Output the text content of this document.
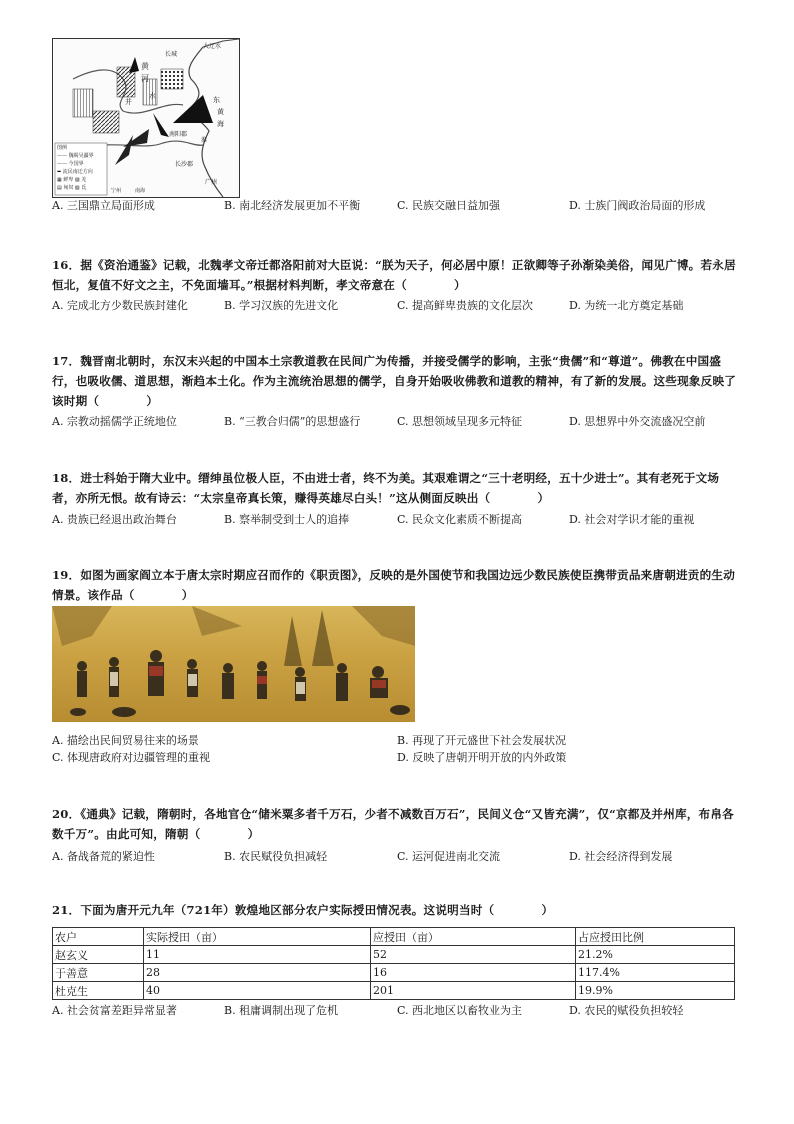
大辽水
长城
黄
河
并
水	东
黄
海
南阳郡
淮
长沙郡
广州
图例
—— 魏蜀吴疆界
—— 今国界
➡ 流民南迁方向
▦ 鲜卑 ▨ 羌
▤ 匈奴 ▧ 氐	宁州	南海
A. 三国鼎立局面形成	B. 南北经济发展更加不平衡	C. 民族交融日益加强	D. 士族门阀政治局面的形成
16．据《资治通鉴》记载，北魏孝文帝迁都洛阳前对大臣说：“朕为天子，何必居中原！正欲卿等子孙渐染美俗，闻见广博。若永居恒北，复值不好文之主，不免面墙耳。”根据材料判断，孝文帝意在（　　　　）
A. 完成北方少数民族封建化	B. 学习汉族的先进文化	C. 提高鲜卑贵族的文化层次	D. 为统一北方奠定基础
17．魏晋南北朝时，东汉末兴起的中国本土宗教道教在民间广为传播，并接受儒学的影响，主张“贵儒”和“尊道”。佛教在中国盛行，也吸收儒、道思想，渐趋本土化。作为主流统治思想的儒学，自身开始吸收佛教和道教的精神，有了新的发展。这些现象反映了该时期（　　　　）
A. 宗教动摇儒学正统地位	B. “三教合归儒”的思想盛行	C. 思想领域呈现多元特征	D. 思想界中外交流盛况空前
18．进士科始于隋大业中。缙绅虽位极人臣，不由进士者，终不为美。其艰难谓之“三十老明经，五十少进士”。其有老死于文场者，亦所无恨。故有诗云：“太宗皇帝真长策，赚得英雄尽白头！”这从侧面反映出（　　　　）
A. 贵族已经退出政治舞台	B. 察举制受到士人的追捧	C. 民众文化素质不断提高	D. 社会对学识才能的重视
19．如图为画家阎立本于唐太宗时期应召而作的《职贡图》，反映的是外国使节和我国边远少数民族使臣携带贡品来唐朝进贡的生动情景。该作品（　　　　）
A. 描绘出民间贸易往来的场景	B. 再现了开元盛世下社会发展状况
C. 体现唐政府对边疆管理的重视	D. 反映了唐朝开明开放的内外政策
20．《通典》记载，隋朝时，各地官仓“储米粟多者千万石，少者不减数百万石”，民间义仓“又皆充满”，仅“京都及并州库，布帛各数千万”。由此可知，隋朝（　　　　）
A. 备战备荒的紧迫性	B. 农民赋役负担减轻	C. 运河促进南北交流	D. 社会经济得到发展
21．下面为唐开元九年（721年）敦煌地区部分农户实际授田情况表。这说明当时（　　　　）
农户	实际授田（亩）	应授田（亩）	占应授田比例
赵玄义	11	52	21.2%
于善意	28	16	117.4%
杜克生	40	201	19.9%
A. 社会贫富差距异常显著	B. 租庸调制出现了危机	C. 西北地区以畜牧业为主	D. 农民的赋役负担较轻
